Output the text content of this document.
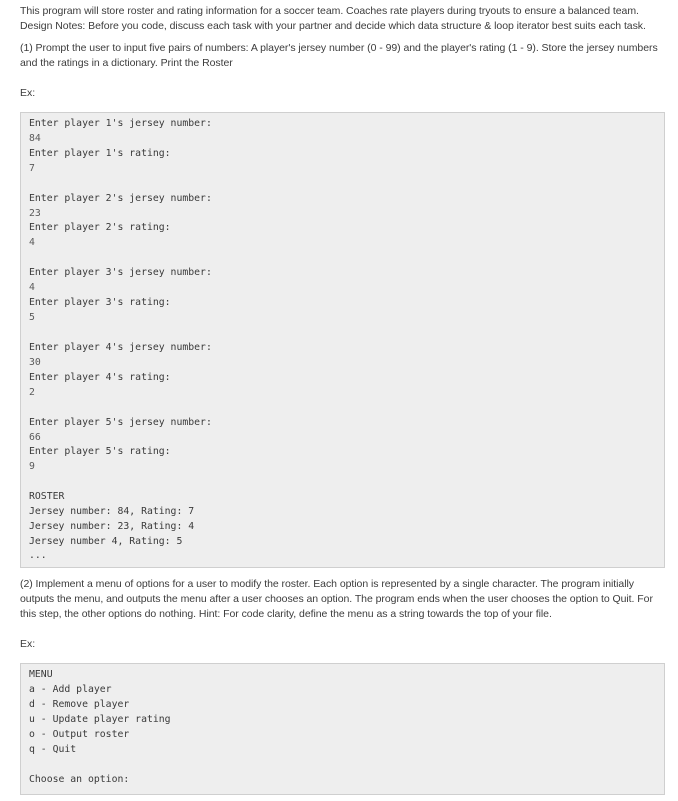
This program will store roster and rating information for a soccer team. Coaches rate players during tryouts to ensure a balanced team.
Design Notes: Before you code, discuss each task with your partner and decide which data structure & loop iterator best suits each task.
(1) Prompt the user to input five pairs of numbers: A player's jersey number (0 - 99) and the player's rating (1 - 9). Store the jersey numbers
and the ratings in a dictionary. Print the Roster
Ex:
Enter player 1's jersey number:
84
Enter player 1's rating:
7
Enter player 2's jersey number:
23
Enter player 2's rating:
4
Enter player 3's jersey number:
4
Enter player 3's rating:
5
Enter player 4's jersey number:
30
Enter player 4's rating:
2
Enter player 5's jersey number:
66
Enter player 5's rating:
9
ROSTER
Jersey number: 84, Rating: 7
Jersey number: 23, Rating: 4
Jersey number 4, Rating: 5
...
(2) Implement a menu of options for a user to modify the roster. Each option is represented by a single character. The program initially
outputs the menu, and outputs the menu after a user chooses an option. The program ends when the user chooses the option to Quit. For
this step, the other options do nothing. Hint: For code clarity, define the menu as a string towards the top of your file.
Ex:
MENU
a - Add player
d - Remove player
u - Update player rating
o - Output roster
q - Quit
Choose an option:
